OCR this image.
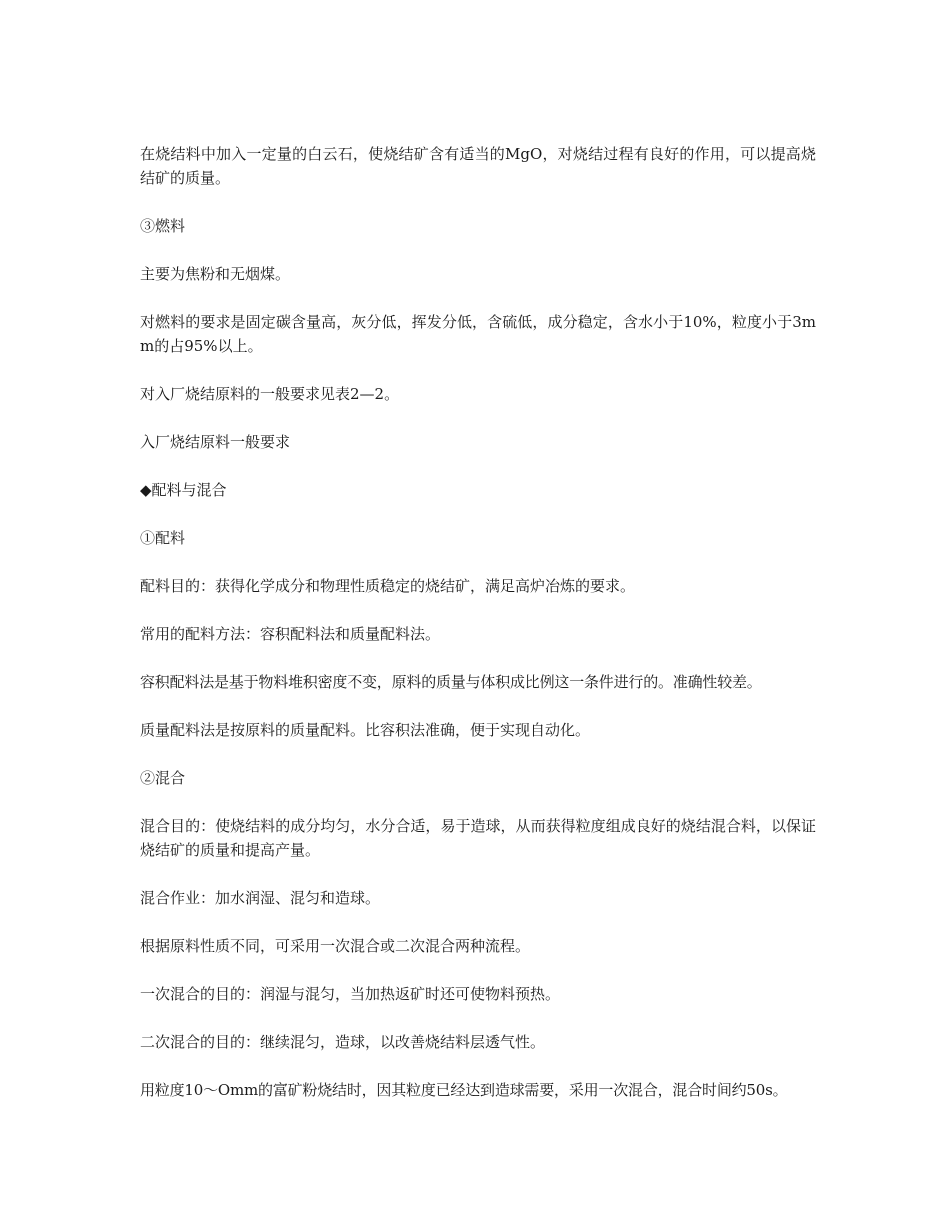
在烧结料中加入一定量的白云石，使烧结矿含有适当的MgO，对烧结过程有良好的作用，可以提高烧结矿的质量。

③燃料

主要为焦粉和无烟煤。

对燃料的要求是固定碳含量高，灰分低，挥发分低，含硫低，成分稳定，含水小于10%，粒度小于3mm的占95%以上。

对入厂烧结原料的一般要求见表2—2。

入厂烧结原料一般要求

◆配料与混合

①配料

配料目的：获得化学成分和物理性质稳定的烧结矿，满足高炉冶炼的要求。

常用的配料方法：容积配料法和质量配料法。

容积配料法是基于物料堆积密度不变，原料的质量与体积成比例这一条件进行的。准确性较差。

质量配料法是按原料的质量配料。比容积法准确，便于实现自动化。

②混合

混合目的：使烧结料的成分均匀，水分合适，易于造球，从而获得粒度组成良好的烧结混合料，以保证烧结矿的质量和提高产量。

混合作业：加水润湿、混匀和造球。

根据原料性质不同，可采用一次混合或二次混合两种流程。

一次混合的目的：润湿与混匀，当加热返矿时还可使物料预热。

二次混合的目的：继续混匀，造球，以改善烧结料层透气性。

用粒度10～Omm的富矿粉烧结时，因其粒度已经达到造球需要，采用一次混合，混合时间约50s。
